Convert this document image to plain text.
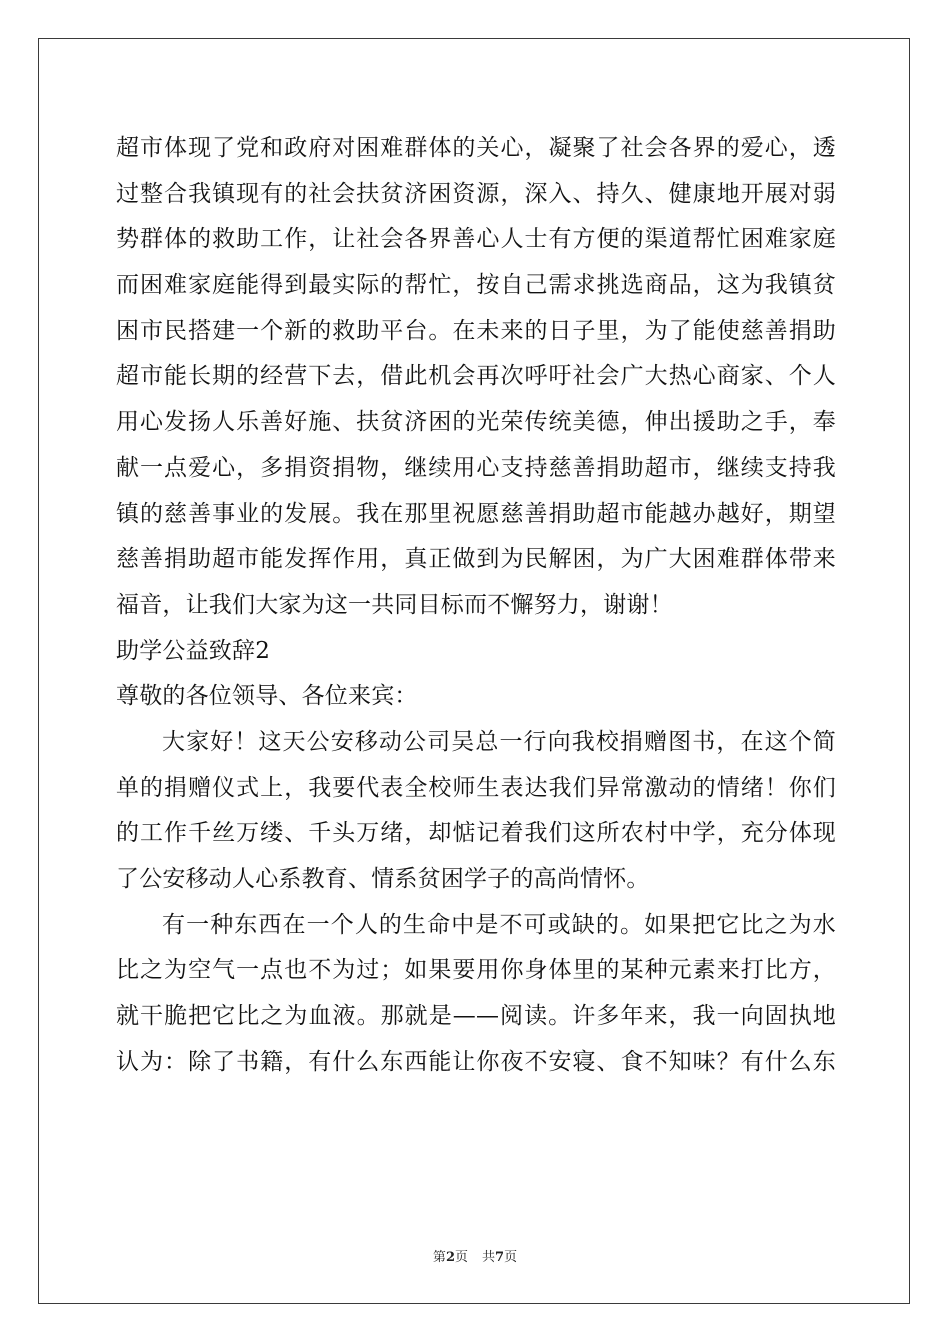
超市体现了党和政府对困难群体的关心，凝聚了社会各界的爱心，透
过整合我镇现有的社会扶贫济困资源，深入、持久、健康地开展对弱
势群体的救助工作，让社会各界善心人士有方便的渠道帮忙困难家庭
而困难家庭能得到最实际的帮忙，按自己需求挑选商品，这为我镇贫
困市民搭建一个新的救助平台。在未来的日子里，为了能使慈善捐助
超市能长期的经营下去，借此机会再次呼吁社会广大热心商家、个人
用心发扬人乐善好施、扶贫济困的光荣传统美德，伸出援助之手，奉
献一点爱心，多捐资捐物，继续用心支持慈善捐助超市，继续支持我
镇的慈善事业的发展。我在那里祝愿慈善捐助超市能越办越好，期望
慈善捐助超市能发挥作用，真正做到为民解困，为广大困难群体带来
福音，让我们大家为这一共同目标而不懈努力，谢谢！
助学公益致辞2
尊敬的各位领导、各位来宾：
大家好！这天公安移动公司吴总一行向我校捐赠图书，在这个简
单的捐赠仪式上，我要代表全校师生表达我们异常激动的情绪！你们
的工作千丝万缕、千头万绪，却惦记着我们这所农村中学，充分体现
了公安移动人心系教育、情系贫困学子的高尚情怀。
有一种东西在一个人的生命中是不可或缺的。如果把它比之为水
比之为空气一点也不为过；如果要用你身体里的某种元素来打比方，
就干脆把它比之为血液。那就是——阅读。许多年来，我一向固执地
认为：除了书籍，有什么东西能让你夜不安寝、食不知味？有什么东
第2页 共7页
